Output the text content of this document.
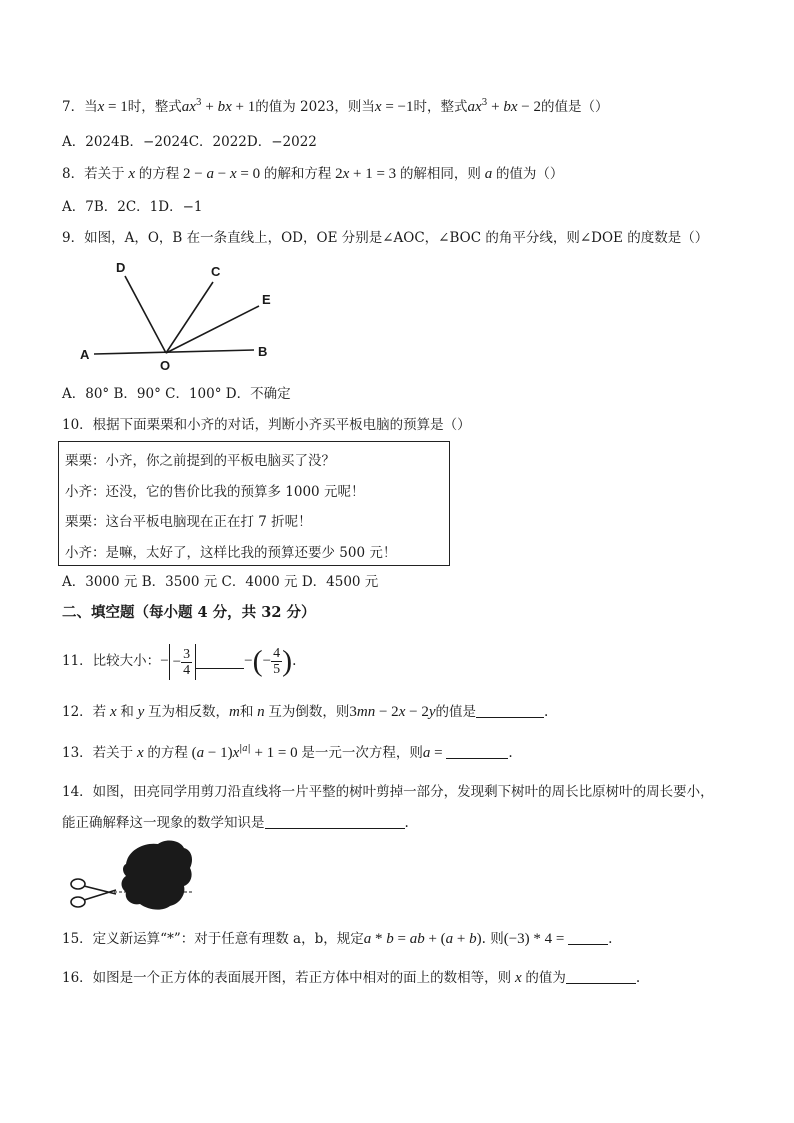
7．当x = 1时，整式$ax^3$ + bx + 1的值为 2023，则当x = −1时，整式$ax^3$ + bx − 2的值是（）
A．2024B．−2024C．2022D．−2022
8．若关于 x 的方程 2 − a − x = 0 的解和方程 2x + 1 = 3 的解相同，则 a 的值为（）
A．7B．2C．1D．−1
9．如图，A，O，B 在一条直线上，OD，OE 分别是∠AOC，∠BOC 的角平分线，则∠DOE 的度数是（）
D	C
E
A
O
B
A．80° B．90° C．100° D．不确定
10．根据下面栗栗和小齐的对话，判断小齐买平板电脑的预算是（）
栗栗：小齐，你之前提到的平板电脑买了没？
小齐：还没，它的售价比我的预算多 1000 元呢！
栗栗：这台平板电脑现在正在打 7 折呢！
小齐：是嘛，太好了，这样比我的预算还要少 500 元！
A．3000 元 B．3500 元 C．4000 元 D．4500 元
二、填空题（每小题 4 分，共 32 分）
11．比较大小：− − $\frac{3}{4}$	−(− $\frac{4}{5}$ ).
12．若 x 和 y 互为相反数，m和 n 互为倒数，则3mn − 2x − 2y的值是	.
13．若关于 x 的方程 $(a - 1)x^{|a|} + 1 = 0$ 是一元一次方程，则a =	.
14．如图，田亮同学用剪刀沿直线将一片平整的树叶剪掉一部分，发现剩下树叶的周长比原树叶的周长要小，
能正确解释这一现象的数学知识是	.
15．定义新运算“*”：对于任意有理数 a，b，规定a * b = ab + (a + b). 则(−3) * 4 =	.
16．如图是一个正方体的表面展开图，若正方体中相对的面上的数相等，则 x 的值为	.
